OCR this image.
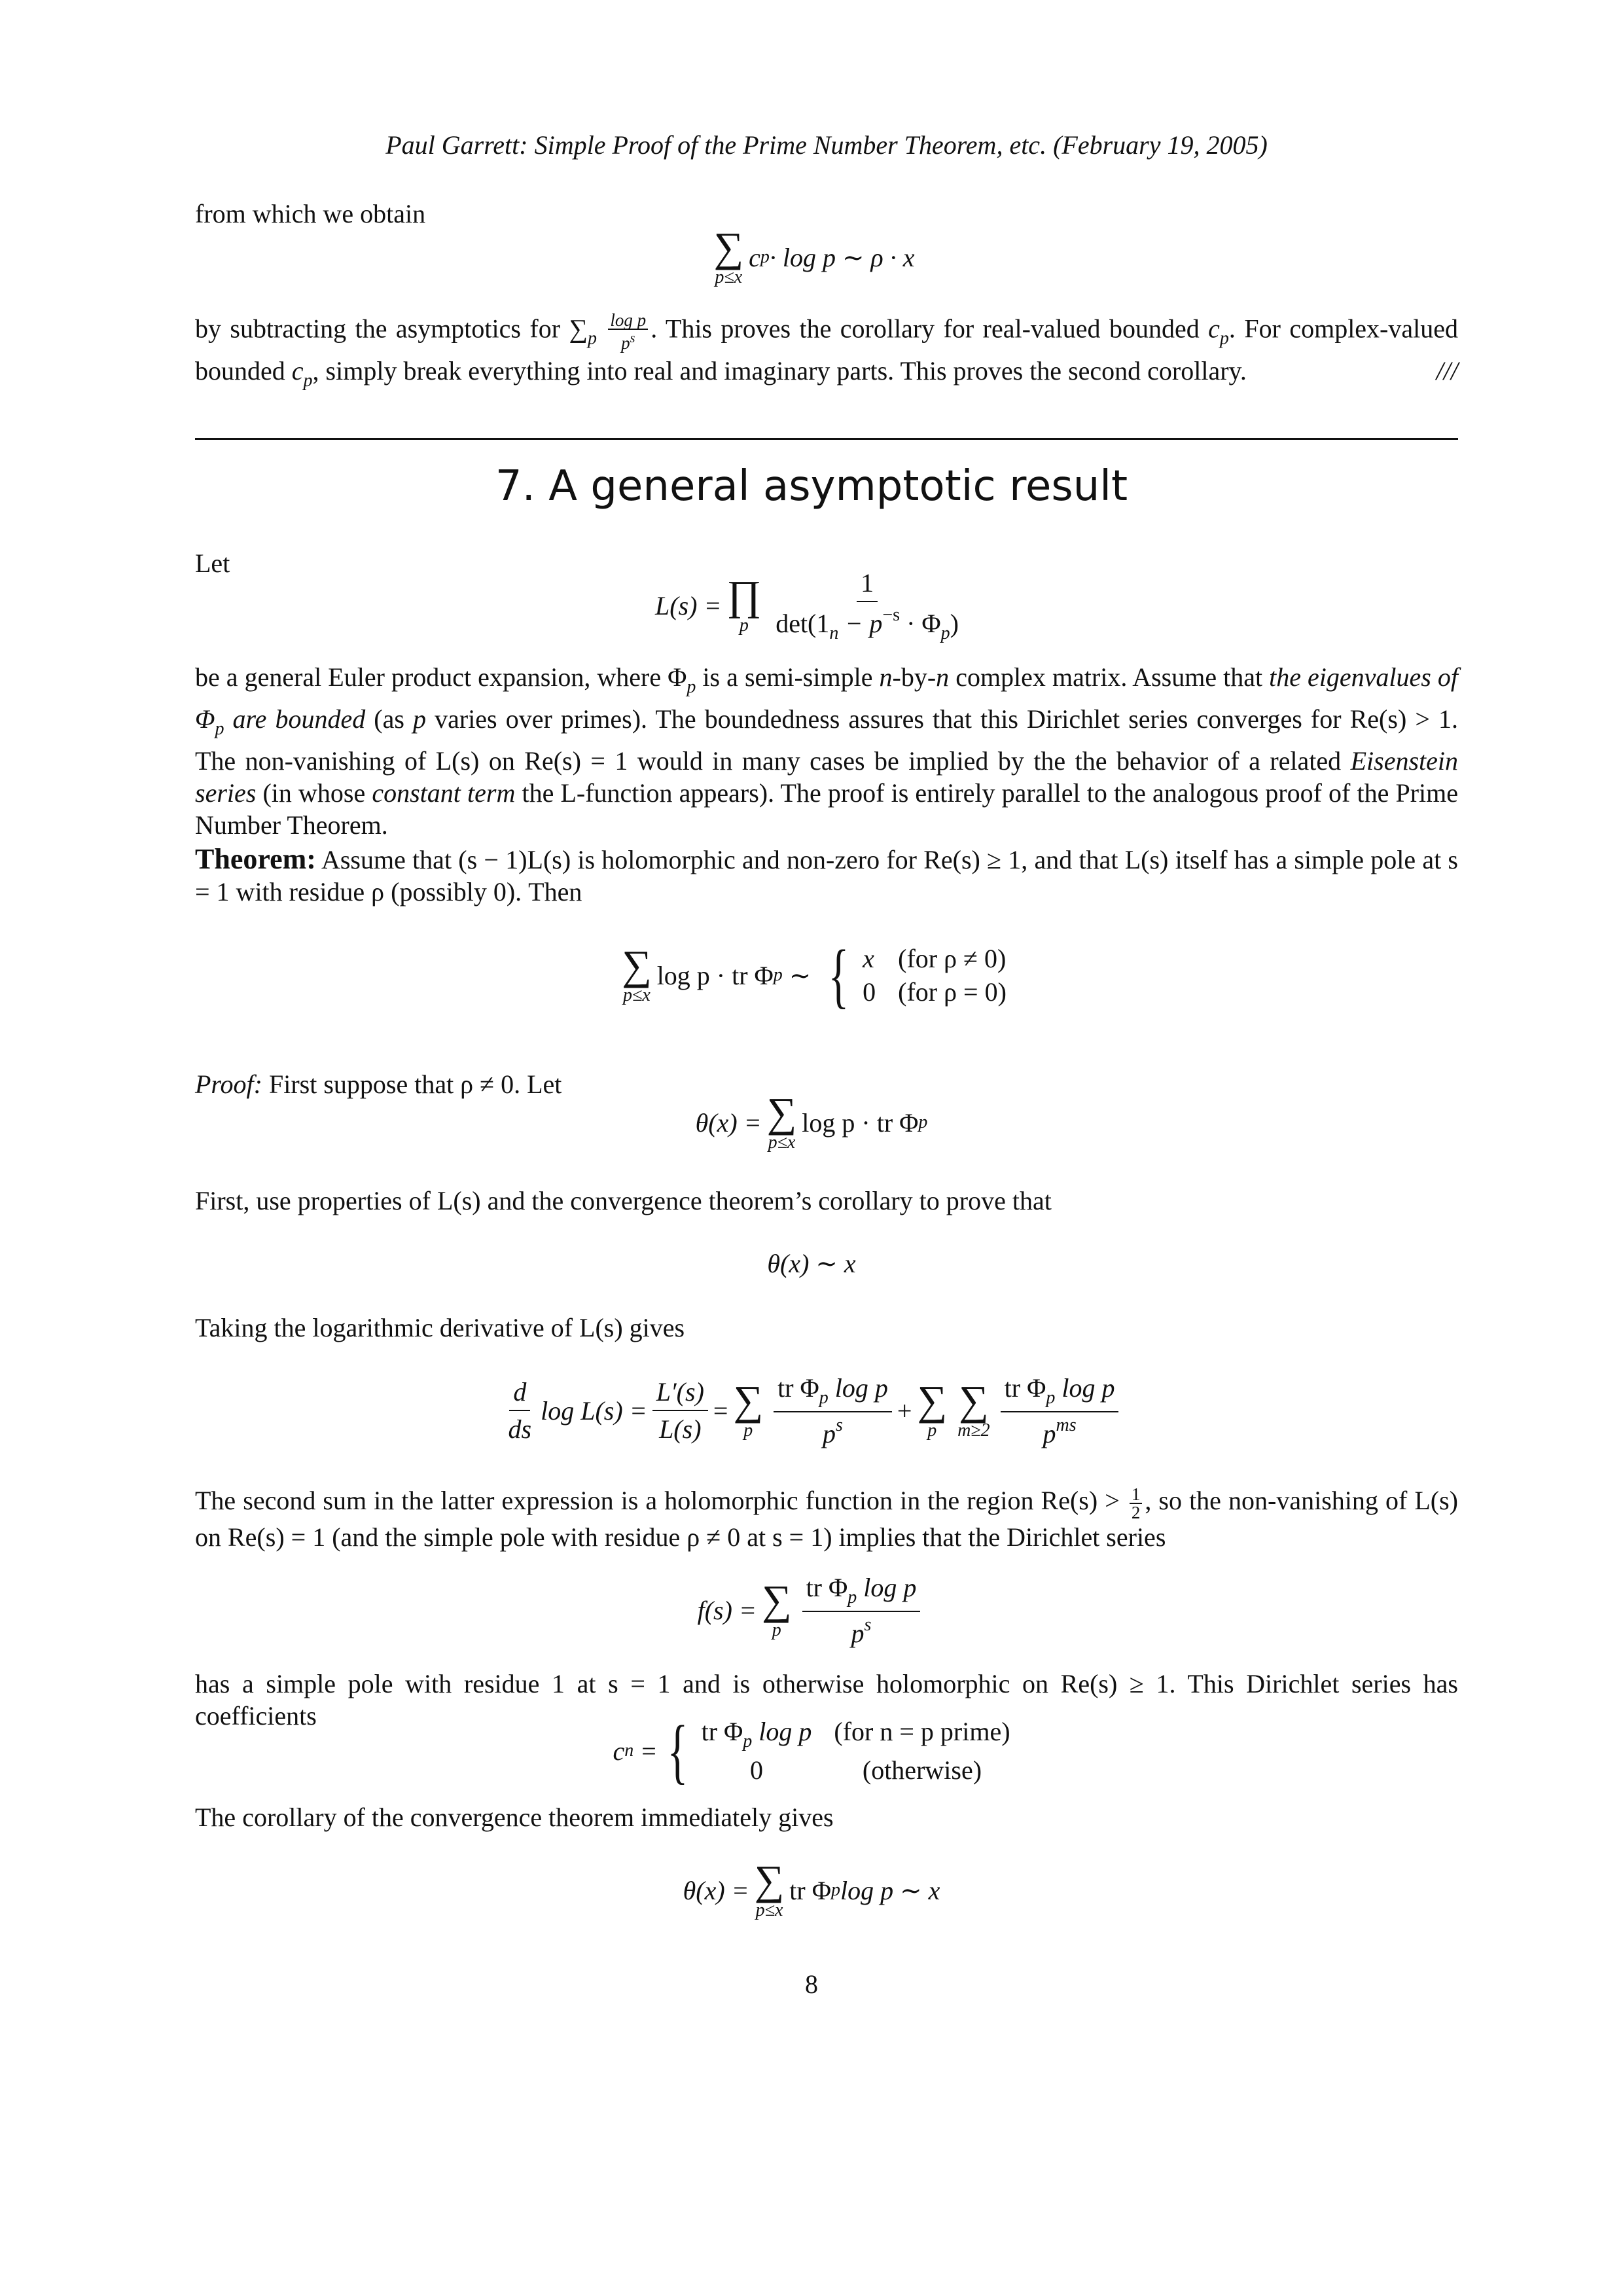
Paul Garrett: Simple Proof of the Prime Number Theorem, etc. (February 19, 2005)
from which we obtain
∑
p≤x
c p · log p ∼ ρ · x
by subtracting the asymptotics for $\sum_p \frac{\text{log p}}{p^s}$ . This proves the corollary for real-valued bounded $c_p$. For complex-valued bounded $c_p$, simply break everything into real and imaginary parts. This proves the second corollary.	///
7. A general asymptotic result
Let
L(s) = ∏
p $\frac{1}{\det(1_n - p^{-s} \cdot \Phi_p)}$
be a general Euler product expansion, where $\Phi_p$ is a semi-simple n-by-n complex matrix. Assume that the eigenvalues of $\Phi_p$ are bounded (as p varies over primes). The boundedness assures that this Dirichlet series converges for Re(s) > 1. The non-vanishing of L(s) on Re(s) = 1 would in many cases be implied by the the behavior of a related Eisenstein series (in whose constant term the L-function appears). The proof is entirely parallel to the analogous proof of the Prime Number Theorem.
Theorem: Assume that (s − 1)L(s) is holomorphic and non-zero for Re(s) ≥ 1, and that L(s) itself has a simple pole at s = 1 with residue ρ (possibly 0). Then
∑
p≤x
log p · tr Φ p ∼ { x (for ρ ≠ 0)
0 (for ρ = 0)
Proof: First suppose that ρ ≠ 0. Let
θ(x) = ∑
p≤x
log p · tr Φ p
First, use properties of L(s) and the convergence theorem’s corollary to prove that
θ(x) ∼ x
Taking the logarithmic derivative of L(s) gives
$\frac{d}{ds}$ $\log L(s) = \frac{L'(s)}{L(s)}$ = ∑
p $\frac{tr \Phi_p \log p}{p^s}$ + ∑
p
∑
$m\ge 2 \frac{tr \Phi_p \log p}{p^{ms}}$
The second sum in the latter expression is a holomorphic function in the region $Re(s) > \frac{1}{2}$ , so the non-vanishing of L(s) on Re(s) = 1 (and the simple pole with residue ρ ≠ 0 at s = 1) implies that the Dirichlet series
f(s) = ∑
p $\frac{tr \Phi_p \log p}{p^s}$
has a simple pole with residue 1 at s = 1 and is otherwise holomorphic on Re(s) ≥ 1. This Dirichlet series has coefficients
c n = { tr $\Phi_p$ log p (for n = p prime)
0	(otherwise)
The corollary of the convergence theorem immediately gives
θ(x) = ∑
p≤x
tr Φ p log p ∼ x
8
